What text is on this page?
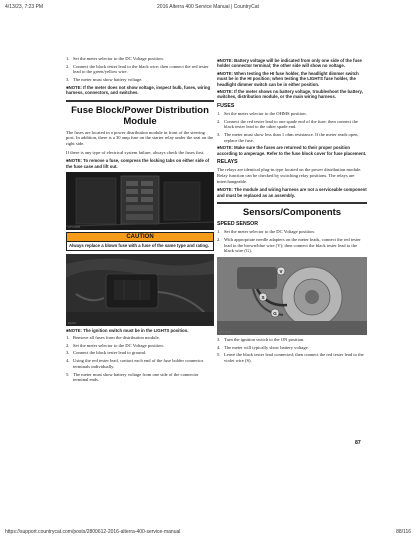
4/13/23, 7:23 PM	2016 Alterra 400 Service Manual | CountryCat
1. Set the meter selector to the DC Voltage position.
2. Connect the black tester lead to the black wire; then connect the red tester lead to the green/yellow wire.
3. The meter must show battery voltage.

■NOTE: If the meter does not show voltage, inspect bulb, fuses, wiring harness, connectors, and switches.

Fuse Block/Power Distribution Module

The fuses are located in a power distribution module in front of the steering post. In addition, there is a 30 amp fuse on the starter relay under the seat on the right side.

If there is any type of electrical system failure, always check the fuses first.

■NOTE: To remove a fuse, compress the locking tabs on either side of the fuse case and lift out.

ATV-0085
CAUTION
Always replace a blown fuse with a fuse of the same type and rating.
EA047

■NOTE: The ignition switch must be in the LIGHTS position.

1. Remove all fuses from the distribution module.
2. Set the meter selector to the DC Voltage position.
3. Connect the black tester lead to ground.
4. Using the red tester lead, contact each end of the fuse holder connector terminals individually.
5. The meter must show battery voltage from one side of the connector terminal ends.

■NOTE: Battery voltage will be indicated from only one side of the fuse holder connector terminal; the other side will show no voltage.

■NOTE: When testing the HI fuse holder, the headlight dimmer switch must be in the HI position; when testing the LIGHTS fuse holder, the headlight dimmer switch can be in either position.

■NOTE: If the meter shows no battery voltage, troubleshoot the battery, switches, distribution module, or the main wiring harness.

FUSES
1. Set the meter selector to the OHMS position.
2. Connect the red tester lead to one spade end of the fuse; then connect the black tester lead to the other spade end.
3. The meter must show less than 1 ohm resistance. If the meter reads open, replace the fuse.

■NOTE: Make sure the fuses are returned to their proper position according to amperage. Refer to the fuse block cover for fuse placement.

RELAYS

The relays are identical plug-in type located on the power distribution module. Relay function can be checked by switching relay positions. The relays are interchangeable.

■NOTE: The module and wiring harness are not a serviceable component and must be replaced as an assembly.

Sensors/Components
SPEED SENSOR
1. Set the meter selector to the DC Voltage position.
2. With appropriate needle adapters on the meter leads, connect the red tester lead to the brown/blue wire (V); then connect the black tester lead to the black wire (G).
V
S
G
ATV-2049
3. Turn the ignition switch to the ON position.
4. The meter will typically show battery voltage.
5. Leave the black tester lead connected; then connect the red tester lead to the violet wire (S).
87
https://support.countrycat.com/posts/2800612-2016-alterra-400-service-manual	88/116
